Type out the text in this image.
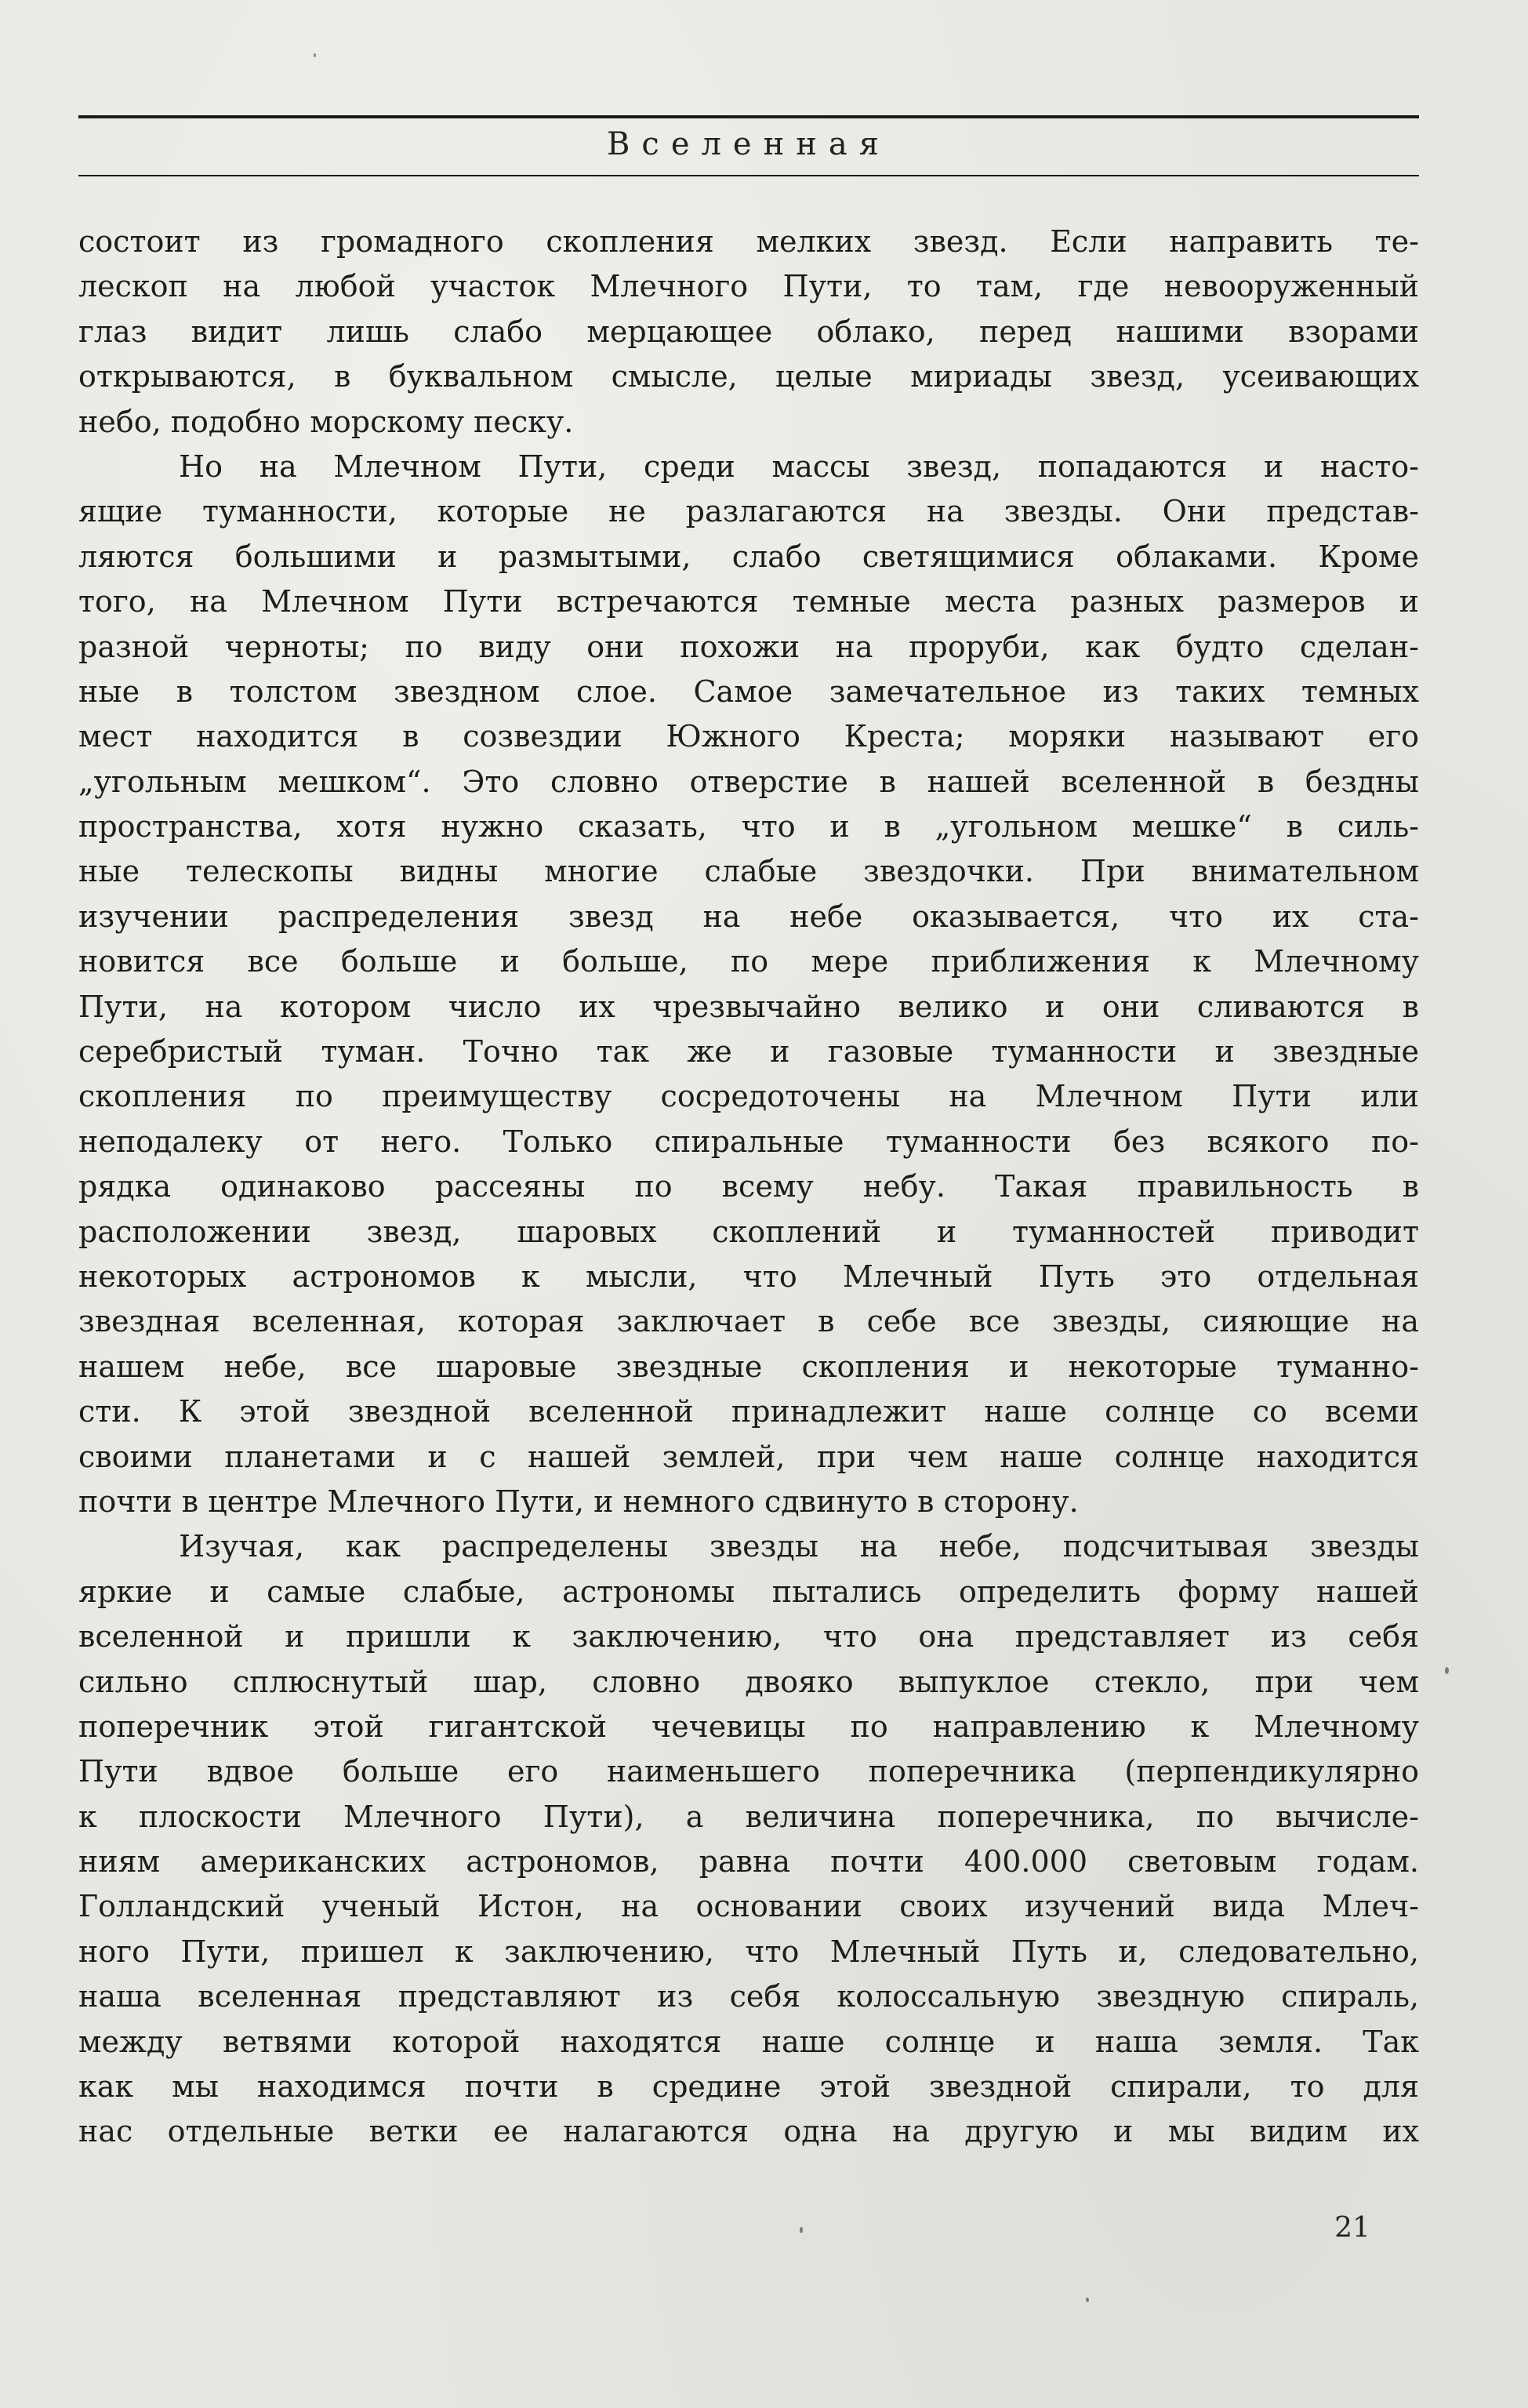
Вселенная
состоит из громадного скопления мелких звезд. Если направить те-
лескоп на любой участок Млечного Пути, то там, где невооруженный
глаз видит лишь слабо мерцающее облако, перед нашими взорами
открываются, в буквальном смысле, целые мириады звезд, усеивающих
небо, подобно морскому песку.
Но на Млечном Пути, среди массы звезд, попадаются и насто-
ящие туманности, которые не разлагаются на звезды. Они представ-
ляются большими и размытыми, слабо светящимися облаками. Кроме
того, на Млечном Пути встречаются темные места разных размеров и
разной черноты; по виду они похожи на проруби, как будто сделан-
ные в толстом звездном слое. Самое замечательное из таких темных
мест находится в созвездии Южного Креста; моряки называют его
„угольным мешком“. Это словно отверстие в нашей вселенной в бездны
пространства, хотя нужно сказать, что и в „угольном мешке“ в силь-
ные телескопы видны многие слабые звездочки. При внимательном
изучении распределения звезд на небе оказывается, что их ста-
новится все больше и больше, по мере приближения к Млечному
Пути, на котором число их чрезвычайно велико и они сливаются в
серебристый туман. Точно так же и газовые туманности и звездные
скопления по преимуществу сосредоточены на Млечном Пути или
неподалеку от него. Только спиральные туманности без всякого по-
рядка одинаково рассеяны по всему небу. Такая правильность в
расположении звезд, шаровых скоплений и туманностей приводит
некоторых астрономов к мысли, что Млечный Путь это отдельная
звездная вселенная, которая заключает в себе все звезды, сияющие на
нашем небе, все шаровые звездные скопления и некоторые туманно-
сти. К этой звездной вселенной принадлежит наше солнце со всеми
своими планетами и с нашей землей, при чем наше солнце находится
почти в центре Млечного Пути, и немного сдвинуто в сторону.
Изучая, как распределены звезды на небе, подсчитывая звезды
яркие и самые слабые, астрономы пытались определить форму нашей
вселенной и пришли к заключению, что она представляет из себя
сильно сплюснутый шар, словно двояко выпуклое стекло, при чем
поперечник этой гигантской чечевицы по направлению к Млечному
Пути вдвое больше его наименьшего поперечника (перпендикулярно
к плоскости Млечного Пути), а величина поперечника, по вычисле-
ниям американских астрономов, равна почти 400.000 световым годам.
Голландский ученый Истон, на основании своих изучений вида Млеч-
ного Пути, пришел к заключению, что Млечный Путь и, следовательно,
наша вселенная представляют из себя колоссальную звездную спираль,
между ветвями которой находятся наше солнце и наша земля. Так
как мы находимся почти в средине этой звездной спирали, то для
нас отдельные ветки ее налагаются одна на другую и мы видим их
21
